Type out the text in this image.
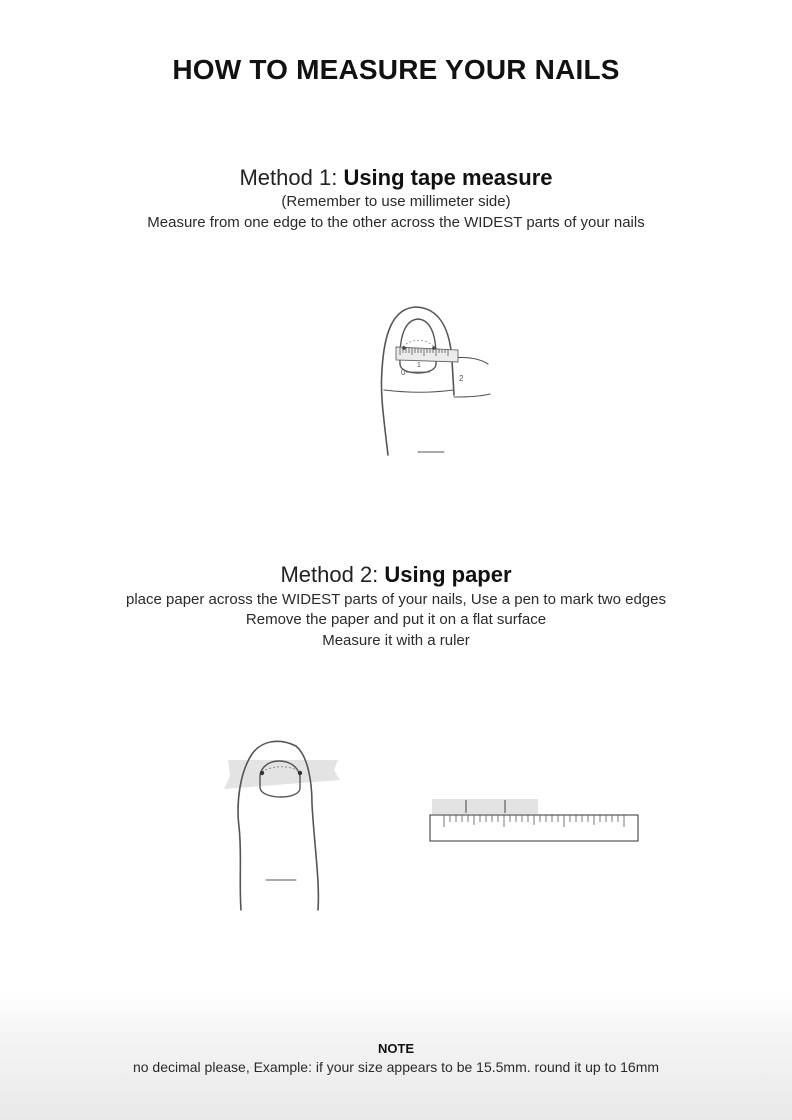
HOW TO MEASURE YOUR NAILS
Method 1: Using tape measure
(Remember to use millimeter side)
Measure from one edge to the other across the WIDEST parts of your nails
0
1
2
Method 2: Using paper
place paper across the WIDEST parts of your nails, Use a pen to mark two edges
Remove the paper and put it on a flat surface
Measure it with a ruler
NOTE
no decimal please, Example: if your size appears to be 15.5mm. round it up to 16mm
